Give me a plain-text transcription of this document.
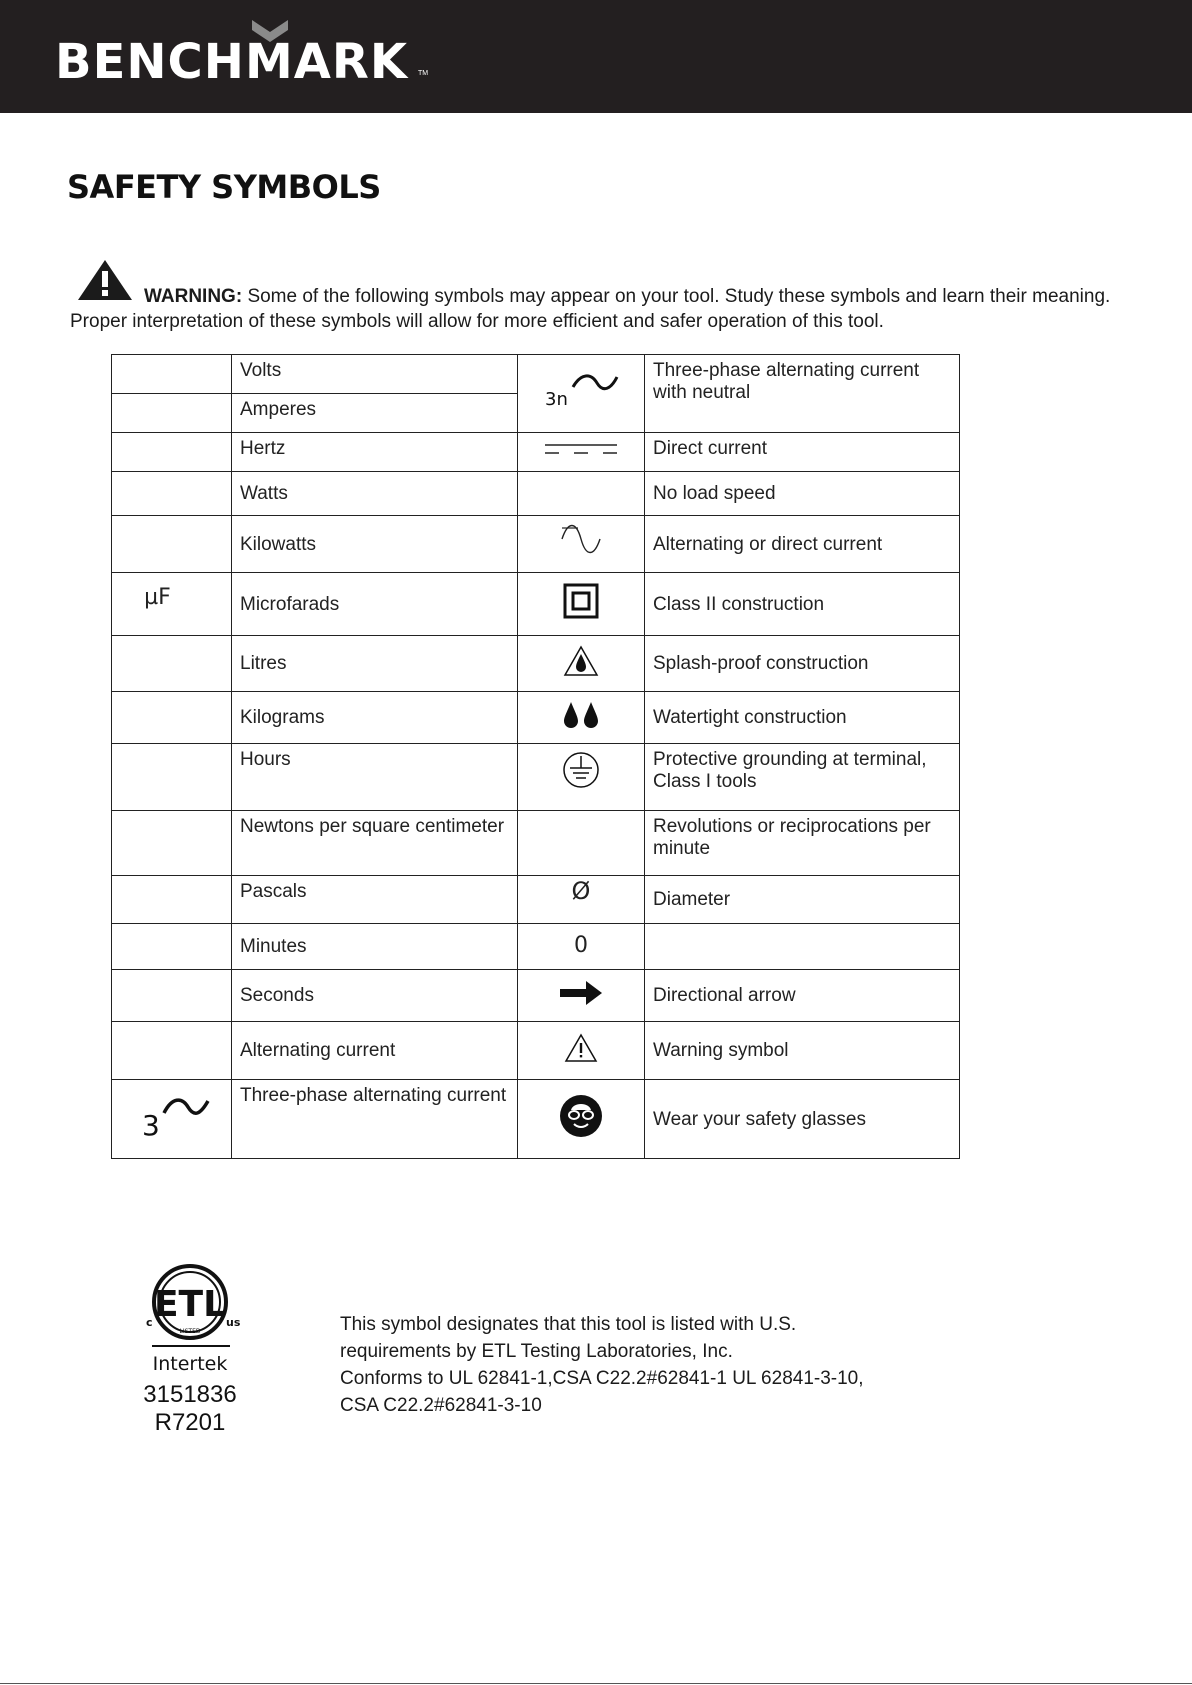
BENCHMARK TM
SAFETY SYMBOLS
WARNING: Some of the following symbols may appear on your tool. Study these symbols and learn their meaning.
Proper interpretation of these symbols will allow for more efficient and safer operation of this tool.
	Volts	3n	Three-phase alternating current with neutral
	Amperes		
	Hertz		Direct current
	Watts		No load speed
	Kilowatts		Alternating or direct current
µF	Microfarads		Class II construction
	Litres		Splash-proof construction
	Kilograms		Watertight construction
	Hours		Protective grounding at terminal, Class I tools
	Newtons per square centimeter		Revolutions or reciprocations per minute
	Pascals	Ø	Diameter
	Minutes	0	
	Seconds		Directional arrow
	Alternating current		Warning symbol

3	Three-phase alternating current		Wear your safety glasses
ETL
LISTED
c	us
Intertek
3151836
R7201
This symbol designates that this tool is listed with U.S.
requirements by ETL Testing Laboratories, Inc.
Conforms to UL 62841-1,CSA C22.2#62841-1 UL 62841-3-10,
CSA C22.2#62841-3-10
